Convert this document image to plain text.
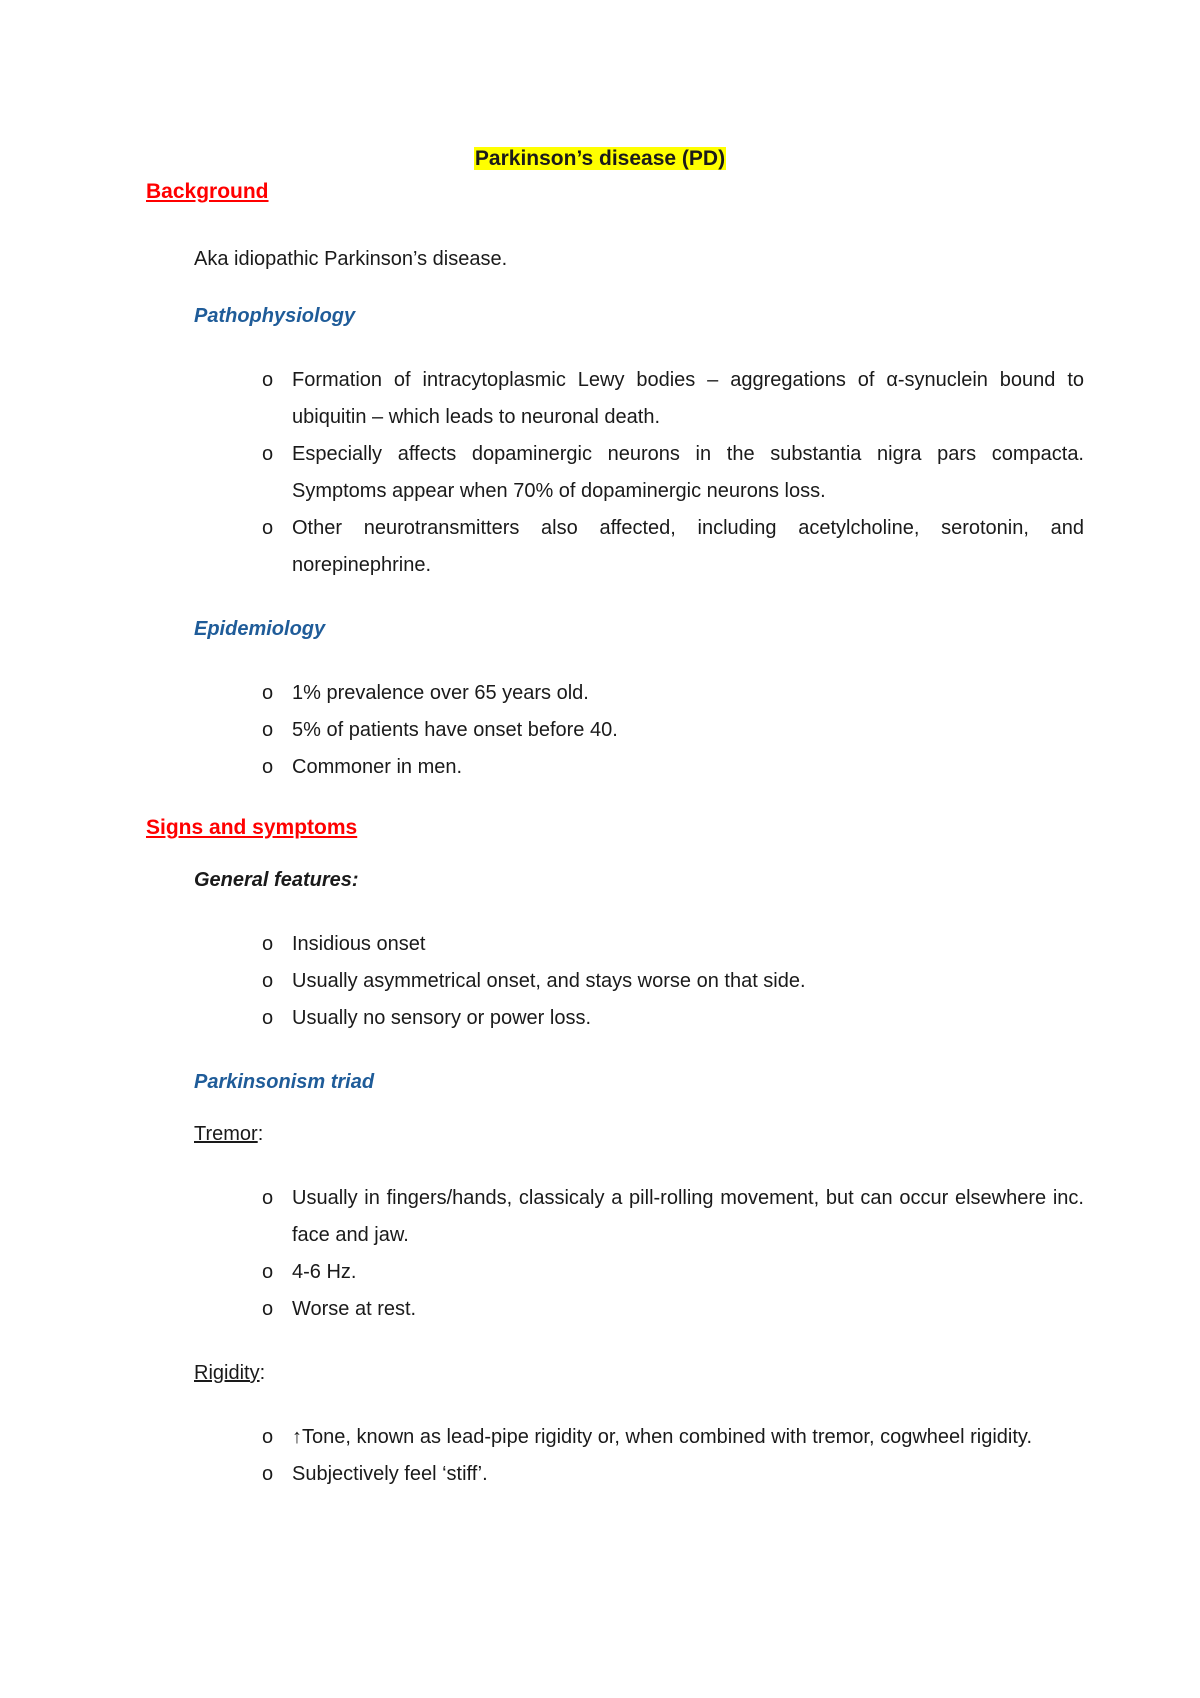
Parkinson’s disease (PD)
Background
Aka idiopathic Parkinson’s disease.
Pathophysiology
o Formation of intracytoplasmic Lewy bodies – aggregations of α-synuclein bound to ubiquitin – which leads to neuronal death.
o Especially affects dopaminergic neurons in the substantia nigra pars compacta. Symptoms appear when 70% of dopaminergic neurons loss.
o Other neurotransmitters also affected, including acetylcholine, serotonin, and norepinephrine.
Epidemiology
o 1% prevalence over 65 years old.
o 5% of patients have onset before 40.
o Commoner in men.
Signs and symptoms
General features:
o Insidious onset
o Usually asymmetrical onset, and stays worse on that side.
o Usually no sensory or power loss.
Parkinsonism triad
Tremor:
o Usually in fingers/hands, classicaly a pill-rolling movement, but can occur elsewhere inc. face and jaw.
o 4-6 Hz.
o Worse at rest.
Rigidity:
o ↑Tone, known as lead-pipe rigidity or, when combined with tremor, cogwheel rigidity.
o Subjectively feel ‘stiff’.
